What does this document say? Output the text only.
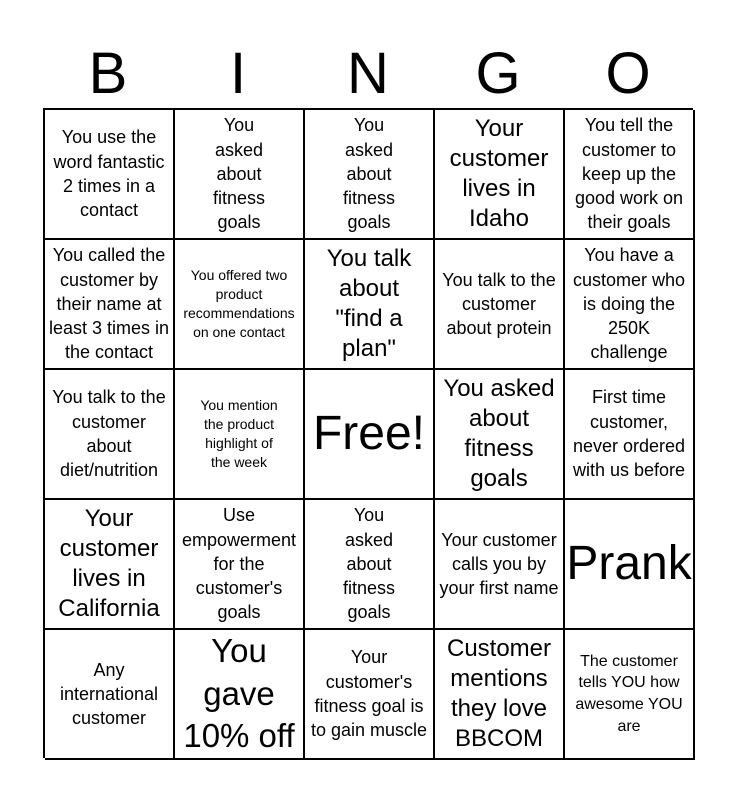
B	I	N	G	O
You use the word fantastic 2 times in a contact
You asked about fitness goals
You asked about fitness goals
Your customer lives in Idaho
You tell the customer to keep up the good work on their goals
You called the customer by their name at least 3 times in the contact
You offered two product recommendations on one contact
You talk about "find a plan"
You talk to the customer about protein
You have a customer who is doing the 250K challenge
You talk to the customer about diet/nutrition
You mention the product highlight of the week
Free!
You asked about fitness goals
First time customer, never ordered with us before
Your customer lives in California
Use empowerment for the customer's goals
You asked about fitness goals
Your customer calls you by your first name Prank
Any international customer
You gave 10% off
Your customer's fitness goal is to gain muscle
Customer mentions they love BBCOM
The customer tells YOU how awesome YOU are
